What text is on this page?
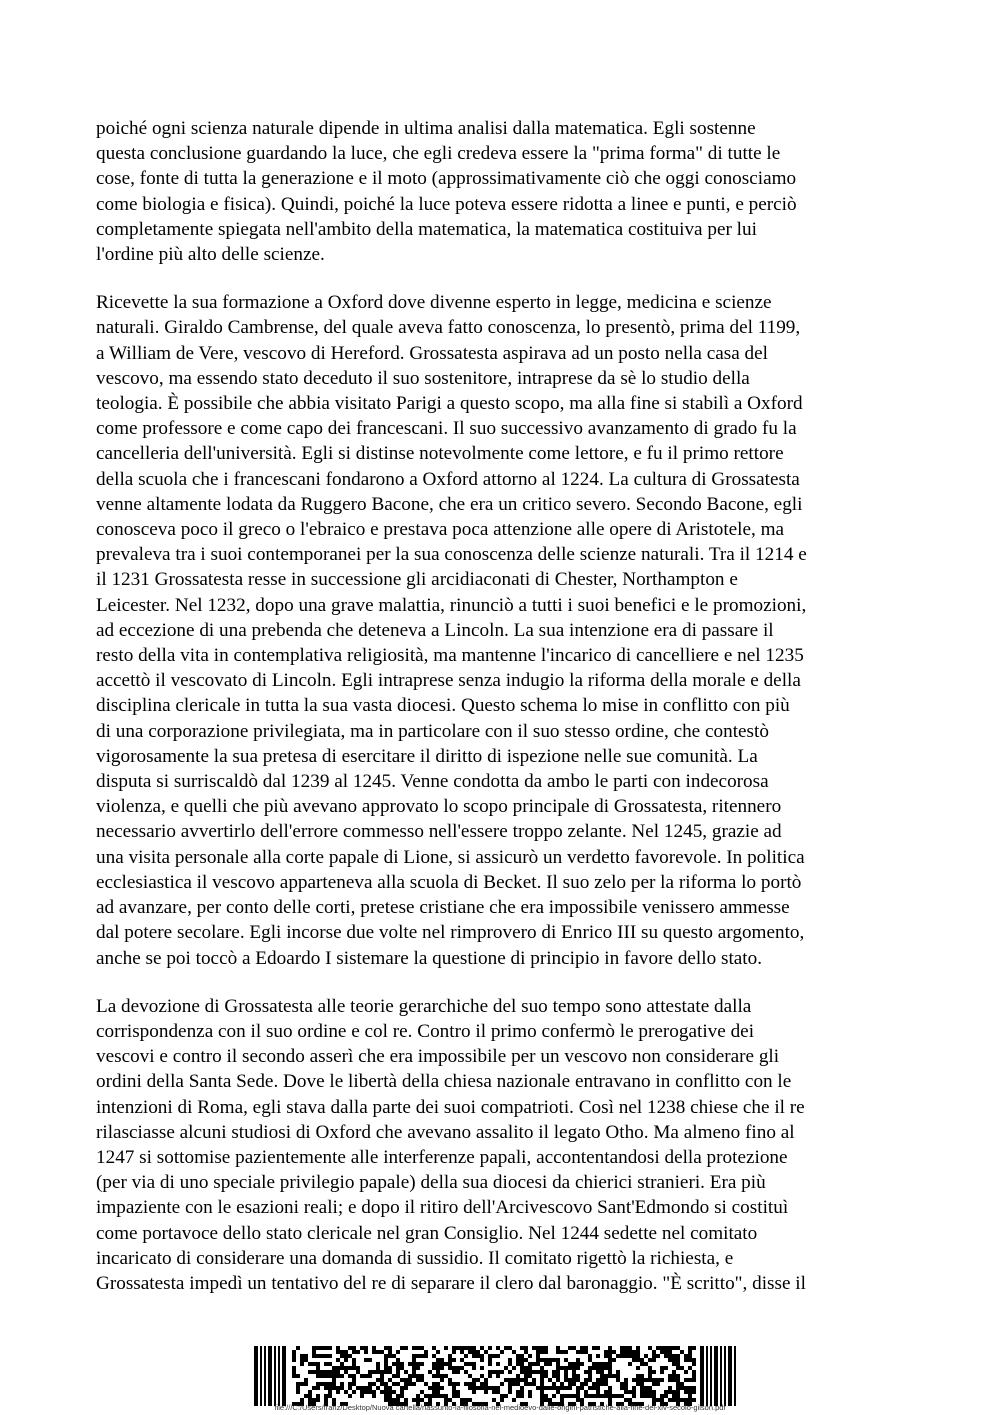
poiché ogni scienza naturale dipende in ultima analisi dalla matematica. Egli sostenne
questa conclusione guardando la luce, che egli credeva essere la "prima forma" di tutte le
cose, fonte di tutta la generazione e il moto (approssimativamente ciò che oggi conosciamo
come biologia e fisica). Quindi, poiché la luce poteva essere ridotta a linee e punti, e perciò
completamente spiegata nell'ambito della matematica, la matematica costituiva per lui
l'ordine più alto delle scienze.
Ricevette la sua formazione a Oxford dove divenne esperto in legge, medicina e scienze
naturali. Giraldo Cambrense, del quale aveva fatto conoscenza, lo presentò, prima del 1199,
a William de Vere, vescovo di Hereford. Grossatesta aspirava ad un posto nella casa del
vescovo, ma essendo stato deceduto il suo sostenitore, intraprese da sè lo studio della
teologia. È possibile che abbia visitato Parigi a questo scopo, ma alla fine si stabilì a Oxford
come professore e come capo dei francescani. Il suo successivo avanzamento di grado fu la
cancelleria dell'università. Egli si distinse notevolmente come lettore, e fu il primo rettore
della scuola che i francescani fondarono a Oxford attorno al 1224. La cultura di Grossatesta
venne altamente lodata da Ruggero Bacone, che era un critico severo. Secondo Bacone, egli
conosceva poco il greco o l'ebraico e prestava poca attenzione alle opere di Aristotele, ma
prevaleva tra i suoi contemporanei per la sua conoscenza delle scienze naturali. Tra il 1214 e
il 1231 Grossatesta resse in successione gli arcidiaconati di Chester, Northampton e
Leicester. Nel 1232, dopo una grave malattia, rinunciò a tutti i suoi benefici e le promozioni,
ad eccezione di una prebenda che deteneva a Lincoln. La sua intenzione era di passare il
resto della vita in contemplativa religiosità, ma mantenne l'incarico di cancelliere e nel 1235
accettò il vescovato di Lincoln. Egli intraprese senza indugio la riforma della morale e della
disciplina clericale in tutta la sua vasta diocesi. Questo schema lo mise in conflitto con più
di una corporazione privilegiata, ma in particolare con il suo stesso ordine, che contestò
vigorosamente la sua pretesa di esercitare il diritto di ispezione nelle sue comunità. La
disputa si surriscaldò dal 1239 al 1245. Venne condotta da ambo le parti con indecorosa
violenza, e quelli che più avevano approvato lo scopo principale di Grossatesta, ritennero
necessario avvertirlo dell'errore commesso nell'essere troppo zelante. Nel 1245, grazie ad
una visita personale alla corte papale di Lione, si assicurò un verdetto favorevole. In politica
ecclesiastica il vescovo apparteneva alla scuola di Becket. Il suo zelo per la riforma lo portò
ad avanzare, per conto delle corti, pretese cristiane che era impossibile venissero ammesse
dal potere secolare. Egli incorse due volte nel rimprovero di Enrico III su questo argomento,
anche se poi toccò a Edoardo I sistemare la questione di principio in favore dello stato.
La devozione di Grossatesta alle teorie gerarchiche del suo tempo sono attestate dalla
corrispondenza con il suo ordine e col re. Contro il primo confermò le prerogative dei
vescovi e contro il secondo asserì che era impossibile per un vescovo non considerare gli
ordini della Santa Sede. Dove le libertà della chiesa nazionale entravano in conflitto con le
intenzioni di Roma, egli stava dalla parte dei suoi compatrioti. Così nel 1238 chiese che il re
rilasciasse alcuni studiosi di Oxford che avevano assalito il legato Otho. Ma almeno fino al
1247 si sottomise pazientemente alle interferenze papali, accontentandosi della protezione
(per via di uno speciale privilegio papale) della sua diocesi da chierici stranieri. Era più
impaziente con le esazioni reali; e dopo il ritiro dell'Arcivescovo Sant'Edmondo si costituì
come portavoce dello stato clericale nel gran Consiglio. Nel 1244 sedette nel comitato
incaricato di considerare una domanda di sussidio. Il comitato rigettò la richiesta, e
Grossatesta impedì un tentativo del re di separare il clero dal baronaggio. "È scritto", disse il
file:///C:/Users/franz/Desktop/Nuova cartella/riassunto-la-filosofia-nel-medioevo-dalle-origini-patristiche-alla-fine-del-xiv-secolo-gilson.pdf
